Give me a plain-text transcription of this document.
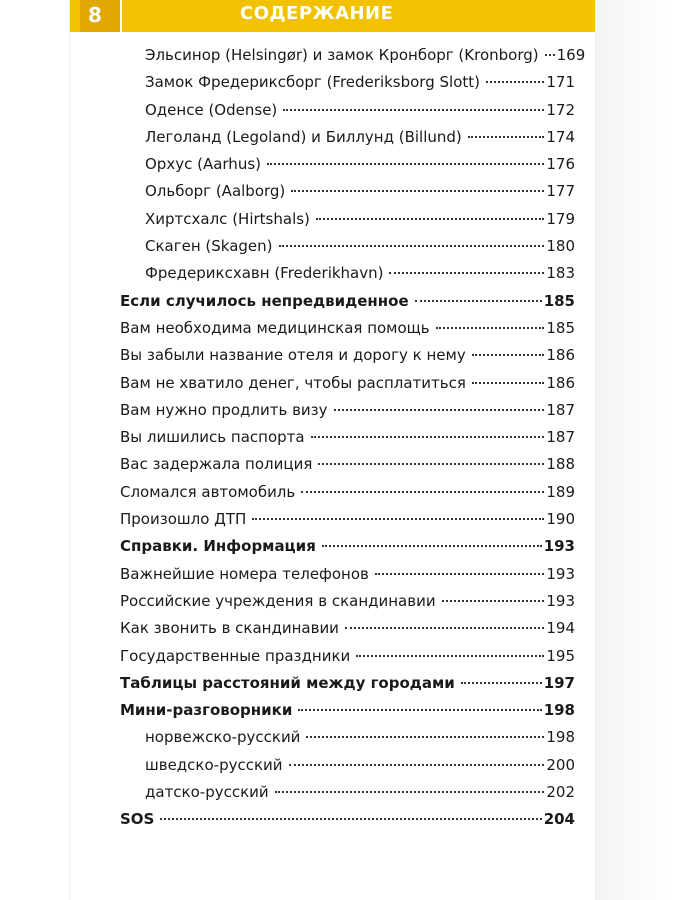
8	СОДЕРЖАНИЕ
Эльсинор (Helsingør) и замок Кронборг (Kronborg) 169
Замок Фредериксборг (Frederiksborg Slott)	171
Оденсе (Odense)	172
Леголанд (Legoland) и Биллунд (Billund)	174
Орхус (Aarhus)	176
Ольборг (Aalborg)	177
Хиртсхалс (Hirtshals)	179
Скаген (Skagen)	180
Фредериксхавн (Frederikhavn)	183
Если случилось непредвиденное	185
Вам необходима медицинская помощь	185
Вы забыли название отеля и дорогу к нему	186
Вам не хватило денег, чтобы расплатиться	186
Вам нужно продлить визу	187
Вы лишились паспорта	187
Вас задержала полиция	188
Сломался автомобиль	189
Произошло ДТП	190
Справки. Информация	193
Важнейшие номера телефонов	193
Российские учреждения в скандинавии	193
Как звонить в скандинавии	194
Государственные праздники	195
Таблицы расстояний между городами	197
Мини-разговорники	198
норвежско-русский	198
шведско-русский	200
датско-русский	202
SOS	204
